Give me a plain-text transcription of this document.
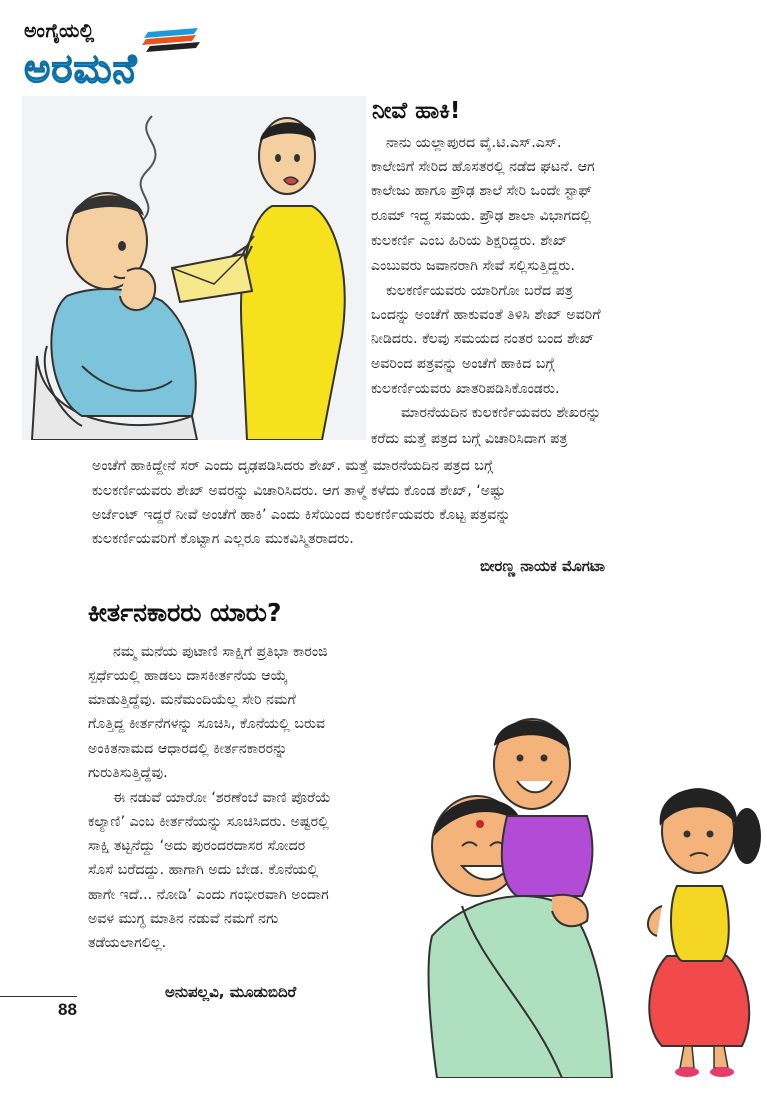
ಅಂಗೈಯಲ್ಲಿ
ಅರಮನೆ
ನೀವೆ ಹಾಕಿ!
ನಾನು ಯಲ್ಲಾಪುರದ ವೈ.ಟಿ.ಎಸ್.ಎಸ್.
ಕಾಲೇಜಿಗೆ ಸೇರಿದ ಹೊಸತರಲ್ಲಿ ನಡೆದ ಘಟನೆ. ಆಗ
ಕಾಲೇಜು ಹಾಗೂ ಪ್ರೌಢ ಶಾಲೆ ಸೇರಿ ಒಂದೇ ಸ್ಟಾಫ್
ರೂಮ್ ಇದ್ದ ಸಮಯ. ಪ್ರೌಢ ಶಾಲಾ ವಿಭಾಗದಲ್ಲಿ
ಕುಲಕರ್ಣಿ ಎಂಬ ಹಿರಿಯ ಶಿಕ್ಷರಿದ್ದರು. ಶೇಖ್
ಎಂಬುವರು ಜವಾನರಾಗಿ ಸೇವೆ ಸಲ್ಲಿಸುತ್ತಿದ್ದರು.
ಕುಲಕರ್ಣಿಯವರು ಯಾರಿಗೋ ಬರೆದ ಪತ್ರ
ಒಂದನ್ನು ಅಂಚೆಗೆ ಹಾಕುವಂತೆ ತಿಳಿಸಿ ಶೇಖ್ ಅವರಿಗೆ
ನೀಡಿದರು. ಕೆಲವು ಸಮಯದ ನಂತರ ಬಂದ ಶೇಖ್
ಅವರಿಂದ ಪತ್ರವನ್ನು ಅಂಚೆಗೆ ಹಾಕಿದ ಬಗ್ಗೆ
ಕುಲಕರ್ಣಿಯವರು ಖಾತರಿಪಡಿಸಿಕೊಂಡರು.
ಮಾರನೆಯದಿನ ಕುಲಕರ್ಣಿಯವರು ಶೇಖರನ್ನು
ಕರೆದು ಮತ್ತೆ ಪತ್ರದ ಬಗ್ಗೆ ವಿಚಾರಿಸಿದಾಗ ಪತ್ರ
ಅಂಚೆಗೆ ಹಾಕಿದ್ದೇನೆ ಸರ್ ಎಂದು ದೃಢಪಡಿಸಿದರು ಶೇಖ್. ಮತ್ತೆ ಮಾರನೆಯದಿನ ಪತ್ರದ ಬಗ್ಗೆ
ಕುಲಕರ್ಣಿಯವರು ಶೇಖ್ ಅವರನ್ನು ವಿಚಾರಿಸಿದರು. ಆಗ ತಾಳ್ಮೆ ಕಳೆದು ಕೊಂಡ ಶೇಖ್, ‘ಅಷ್ಟು
ಅರ್ಜೆಂಟ್ ಇದ್ದರೆ ನೀವೆ ಅಂಚೆಗೆ ಹಾಕಿ’ ಎಂದು ಕಿಸೆಯಿಂದ ಕುಲಕರ್ಣಿಯವರು ಕೊಟ್ಟ ಪತ್ರವನ್ನು
ಕುಲಕರ್ಣಿಯವರಿಗೆ ಕೊಟ್ಟಾಗ ಎಲ್ಲರೂ ಮುಕವಿಸ್ಮಿತರಾದರು.
ಬೀರಣ್ಣ ನಾಯಕ ಮೊಗಟಾ
ಕೀರ್ತನಕಾರರು ಯಾರು?
ನಮ್ಮ ಮನೆಯ ಪುಟಾಣಿ ಸಾಕ್ಷಿಗೆ ಪ್ರತಿಭಾ ಕಾರಂಜಿ
ಸ್ಪರ್ಧೆಯಲ್ಲಿ ಹಾಡಲು ದಾಸಕೀರ್ತನೆಯ ಆಯ್ಕೆ
ಮಾಡುತ್ತಿದ್ದೆವು. ಮನೆಮಂದಿಯೆಲ್ಲ ಸೇರಿ ನಮಗೆ
ಗೊತ್ತಿದ್ದ ಕೀರ್ತನೆಗಳನ್ನು ಸೂಚಿಸಿ, ಕೊನೆಯಲ್ಲಿ ಬರುವ
ಅಂಕಿತನಾಮದ ಆಧಾರದಲ್ಲಿ ಕೀರ್ತನಕಾರರನ್ನು
ಗುರುತಿಸುತ್ತಿದ್ದೆವು.
ಈ ನಡುವೆ ಯಾರೋ ‘ಶರಣೆಂಬೆ ವಾಣಿ ಪೊರೆಯೆ
ಕಲ್ಯಾಣಿ’ ಎಂಬ ಕೀರ್ತನೆಯನ್ನು ಸೂಚಿಸಿದರು. ಅಷ್ಟರಲ್ಲಿ
ಸಾಕ್ಷಿ ತಟ್ಟನೆದ್ದು ‘ಅದು ಪುರಂದರದಾಸರ ಸೋದರ
ಸೊಸೆ ಬರೆದದ್ದು. ಹಾಗಾಗಿ ಅದು ಬೇಡ. ಕೊನೆಯಲ್ಲಿ
ಹಾಗೇ ಇದೆ... ನೋಡಿ’ ಎಂದು ಗಂಭೀರವಾಗಿ ಅಂದಾಗ
ಅವಳ ಮುಗ್ಧ ಮಾತಿನ ನಡುವೆ ನಮಗೆ ನಗು
ತಡೆಯಲಾಗಲಿಲ್ಲ.
ಅನುಪಲ್ಲವಿ, ಮೂಡುಬಿದಿರೆ
88
